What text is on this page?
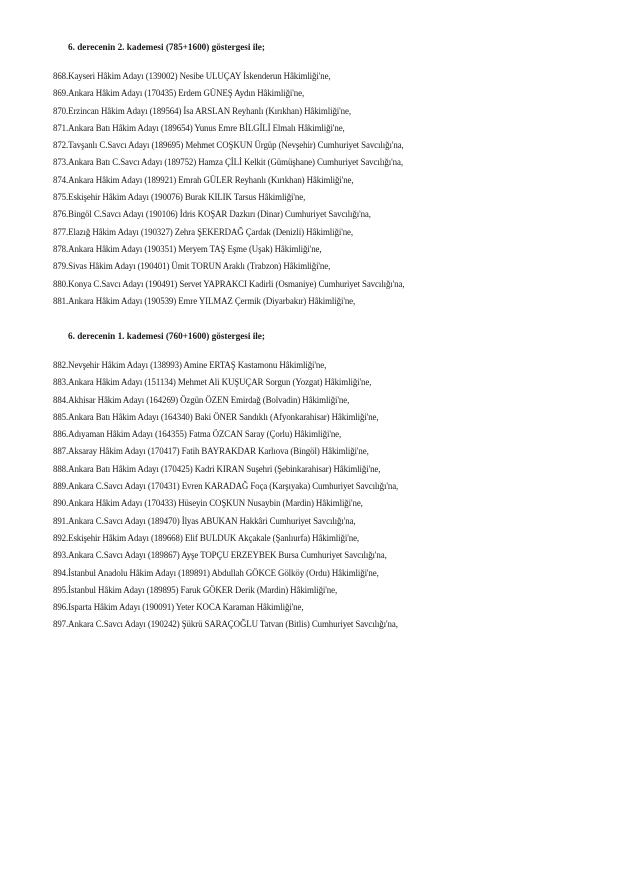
6. derecenin 2. kademesi (785+1600) göstergesi ile;
868.Kayseri Hâkim Adayı (139002) Nesibe ULUÇAY İskenderun Hâkimliği'ne,
869.Ankara Hâkim Adayı (170435) Erdem GÜNEŞ Aydın Hâkimliği'ne,
870.Erzincan Hâkim Adayı (189564) İsa ARSLAN Reyhanlı (Kırıkhan) Hâkimliği'ne,
871.Ankara Batı Hâkim Adayı (189654) Yunus Emre BİLGİLİ Elmalı Hâkimliği'ne,
872.Tavşanlı C.Savcı Adayı (189695) Mehmet COŞKUN Ürgüp (Nevşehir) Cumhuriyet Savcılığı'na,
873.Ankara Batı C.Savcı Adayı (189752) Hamza ÇİLİ Kelkit (Gümüşhane) Cumhuriyet Savcılığı'na,
874.Ankara Hâkim Adayı (189921) Emrah GÜLER Reyhanlı (Kırıkhan) Hâkimliği'ne,
875.Eskişehir Hâkim Adayı (190076) Burak KILIK Tarsus Hâkimliği'ne,
876.Bingöl C.Savcı Adayı (190106) İdris KOŞAR Dazkırı (Dinar) Cumhuriyet Savcılığı'na,
877.Elazığ Hâkim Adayı (190327) Zehra ŞEKERDAĞ Çardak (Denizli) Hâkimliği'ne,
878.Ankara Hâkim Adayı (190351) Meryem TAŞ Eşme (Uşak) Hâkimliği'ne,
879.Sivas Hâkim Adayı (190401) Ümit TORUN Araklı (Trabzon) Hâkimliği'ne,
880.Konya C.Savcı Adayı (190491) Servet YAPRAKCI Kadirli (Osmaniye) Cumhuriyet Savcılığı'na,
881.Ankara Hâkim Adayı (190539) Emre YILMAZ Çermik (Diyarbakır) Hâkimliği'ne,
6. derecenin 1. kademesi (760+1600) göstergesi ile;
882.Nevşehir Hâkim Adayı (138993) Amine ERTAŞ Kastamonu Hâkimliği'ne,
883.Ankara Hâkim Adayı (151134) Mehmet Ali KUŞUÇAR Sorgun (Yozgat) Hâkimliği'ne,
884.Akhisar Hâkim Adayı (164269) Özgün ÖZEN Emirdağ (Bolvadin) Hâkimliği'ne,
885.Ankara Batı Hâkim Adayı (164340) Baki ÖNER Sandıklı (Afyonkarahisar) Hâkimliği'ne,
886.Adıyaman Hâkim Adayı (164355) Fatma ÖZCAN Saray (Çorlu) Hâkimliği'ne,
887.Aksaray Hâkim Adayı (170417) Fatih BAYRAKDAR Karlıova (Bingöl) Hâkimliği'ne,
888.Ankara Batı Hâkim Adayı (170425) Kadri KIRAN Suşehri (Şebinkarahisar) Hâkimliği'ne,
889.Ankara C.Savcı Adayı (170431) Evren KARADAĞ Foça (Karşıyaka) Cumhuriyet Savcılığı'na,
890.Ankara Hâkim Adayı (170433) Hüseyin COŞKUN Nusaybin (Mardin) Hâkimliği'ne,
891.Ankara C.Savcı Adayı (189470) İlyas ABUKAN Hakkâri Cumhuriyet Savcılığı'na,
892.Eskişehir Hâkim Adayı (189668) Elif BULDUK Akçakale (Şanlıurfa) Hâkimliği'ne,
893.Ankara C.Savcı Adayı (189867) Ayşe TOPÇU ERZEYBEK Bursa Cumhuriyet Savcılığı'na,
894.İstanbul Anadolu Hâkim Adayı (189891) Abdullah GÖKCE Gölköy (Ordu) Hâkimliği'ne,
895.İstanbul Hâkim Adayı (189895) Faruk GÖKER Derik (Mardin) Hâkimliği'ne,
896.Isparta Hâkim Adayı (190091) Yeter KOCA Karaman Hâkimliği'ne,
897.Ankara C.Savcı Adayı (190242) Şükrü SARAÇOĞLU Tatvan (Bitlis) Cumhuriyet Savcılığı'na,
